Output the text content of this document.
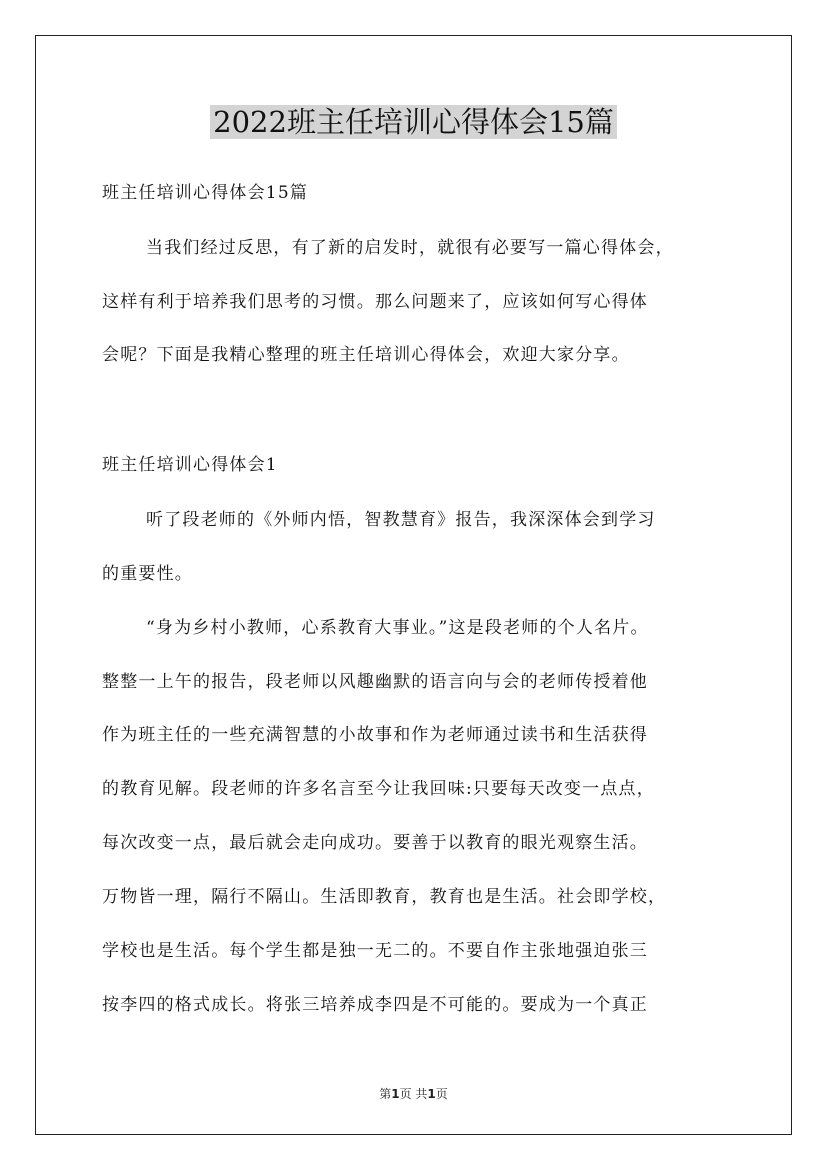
2022班主任培训心得体会15篇

班主任培训心得体会15篇

当我们经过反思，有了新的启发时，就很有必要写一篇心得体会，

这样有利于培养我们思考的习惯。那么问题来了，应该如何写心得体

会呢？下面是我精心整理的班主任培训心得体会，欢迎大家分享。

班主任培训心得体会1

听了段老师的《外师内悟，智教慧育》报告，我深深体会到学习

的重要性。

“身为乡村小教师，心系教育大事业。”这是段老师的个人名片。

整整一上午的报告，段老师以风趣幽默的语言向与会的老师传授着他

作为班主任的一些充满智慧的小故事和作为老师通过读书和生活获得

的教育见解。段老师的许多名言至今让我回味:只要每天改变一点点，

每次改变一点，最后就会走向成功。要善于以教育的眼光观察生活。

万物皆一理，隔行不隔山。生活即教育，教育也是生活。社会即学校，

学校也是生活。每个学生都是独一无二的。不要自作主张地强迫张三

按李四的格式成长。将张三培养成李四是不可能的。要成为一个真正

第1页 共1页
